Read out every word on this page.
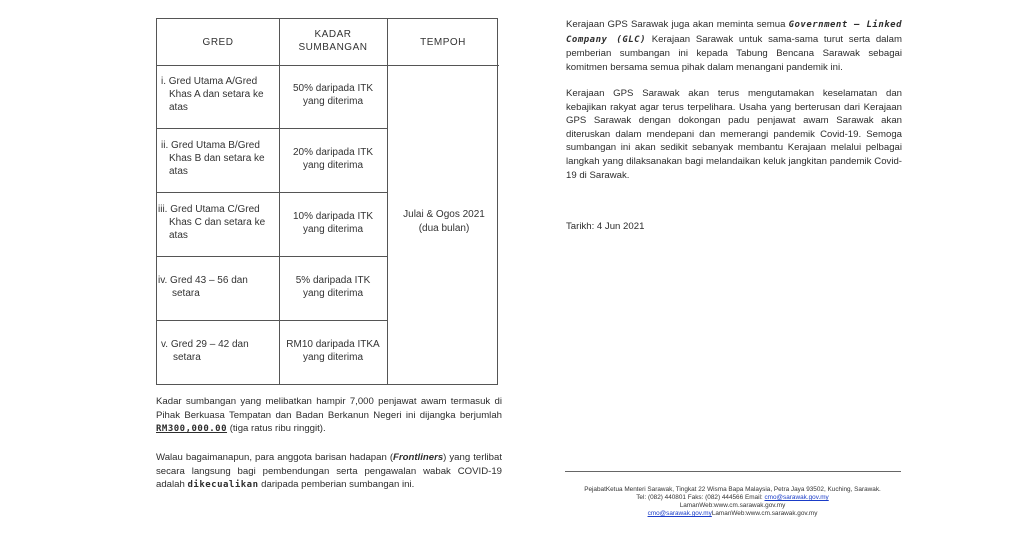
GRED
KADAR
SUMBANGAN	TEMPOH
i. Gred Utama A/Gred
Khas A dan setara ke
atas
50% daripada ITK
yang diterima
ii. Gred Utama B/Gred
Khas B dan setara ke
atas
20% daripada ITK
yang diterima
iii. Gred Utama C/Gred
Khas C dan setara ke
atas
10% daripada ITK
yang diterima
iv. Gred 43 – 56 dan
setara
5% daripada ITK
yang diterima
v. Gred 29 – 42 dan
setara
RM10 daripada ITKA
yang diterima
Julai & Ogos 2021
(dua bulan)
Kadar sumbangan yang melibatkan hampir 7,000 penjawat awam termasuk di Pihak Berkuasa Tempatan dan Badan Berkanun Negeri ini dijangka berjumlah RM300,000.00 (tiga ratus ribu ringgit).
Walau bagaimanapun, para anggota barisan hadapan (Frontliners) yang terlibat secara langsung bagi pembendungan serta pengawalan wabak COVID-19 adalah dikecualikan daripada pemberian sumbangan ini.
Kerajaan GPS Sarawak juga akan meminta semua Government – Linked Company (GLC) Kerajaan Sarawak untuk sama-sama turut serta dalam pemberian sumbangan ini kepada Tabung Bencana Sarawak sebagai komitmen bersama semua pihak dalam menangani pandemik ini.
Kerajaan GPS Sarawak akan terus mengutamakan keselamatan dan kebajikan rakyat agar terus terpelihara. Usaha yang berterusan dari Kerajaan GPS Sarawak dengan dokongan padu penjawat awam Sarawak akan diteruskan dalam mendepani dan memerangi pandemik Covid-19. Semoga sumbangan ini akan sedikit sebanyak membantu Kerajaan melalui pelbagai langkah yang dilaksanakan bagi melandaikan keluk jangkitan pandemik Covid-19 di Sarawak.
Tarikh: 4 Jun 2021
PejabatKetua Menteri Sarawak, Tingkat 22 Wisma Bapa Malaysia, Petra Jaya 93502, Kuching, Sarawak.
Tel: (082) 440801 Faks: (082) 444566 Email: cmo@sarawak.gov.my
LamanWeb:www.cm.sarawak.gov.my
cmo@sarawak.gov.myLamanWeb:www.cm.sarawak.gov.my
